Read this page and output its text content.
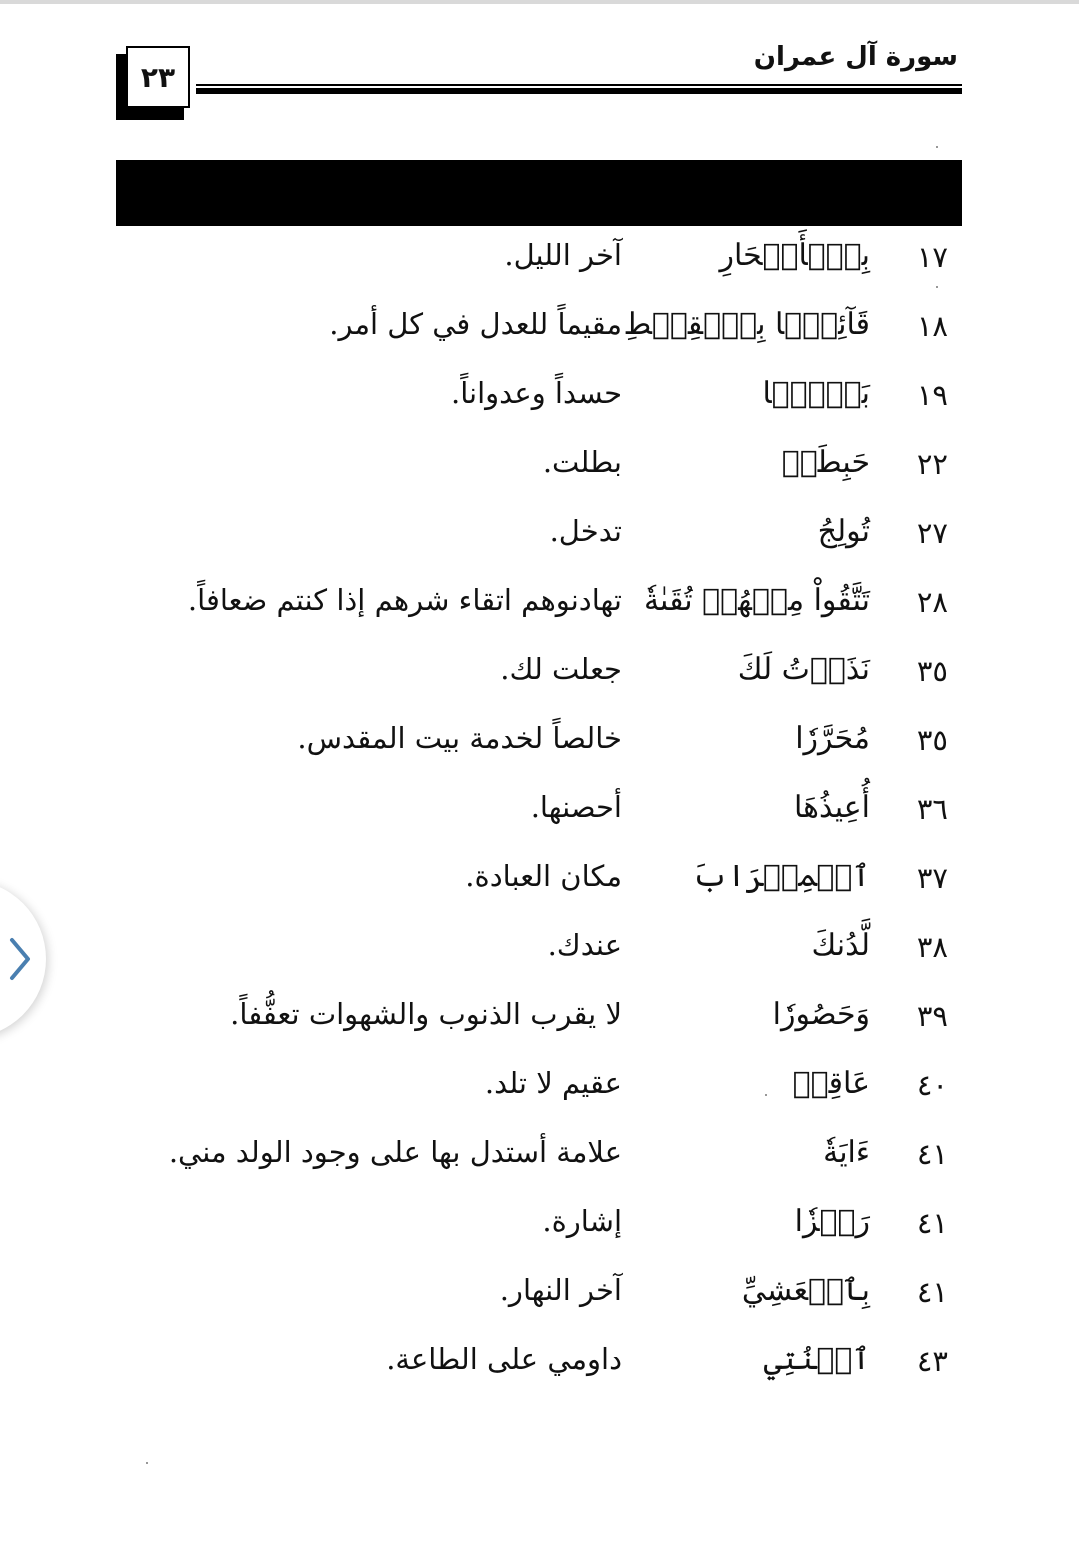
٢٣
سورة آل عمران
١٧
بِٱلۡأَسۡحَارِ
آخر الليل.
١٨
قَآئِمَۢا بِٱلۡقِسۡطِ
مقيماً للعدل في كل أمر.
١٩
بَغۡيَۢا
حسداً وعدواناً.
٢٢
حَبِطَتۡ
بطلت.
٢٧
تُولِجُ
تدخل.
٢٨
تَتَّقُواْ مِنۡهُمۡ تُقَىٰةٗ
تهادنوهم اتقاء شرهم إذا كنتم ضعافاً.
٣٥
نَذَرۡتُ لَكَ
جعلت لك.
٣٥
مُحَرَّرٗا
خالصاً لخدمة بيت المقدس.
٣٦
أُعِيذُهَا
أحصنها.
٣٧
ٱلۡمِحۡرَابَ
مكان العبادة.
٣٨
لَّدُنكَ
عندك.
٣٩
وَحَصُورٗا
لا يقرب الذنوب والشهوات تعفُّفاً.
٤٠
عَاقِرٞ
عقيم لا تلد.
٤١
ءَايَةٗ
علامة أستدل بها على وجود الولد مني.
٤١
رَمۡزٗا
إشارة.
٤١
بِٱلۡعَشِيِّ
آخر النهار.
٤٣
ٱقۡنُتِي
داومي على الطاعة.
